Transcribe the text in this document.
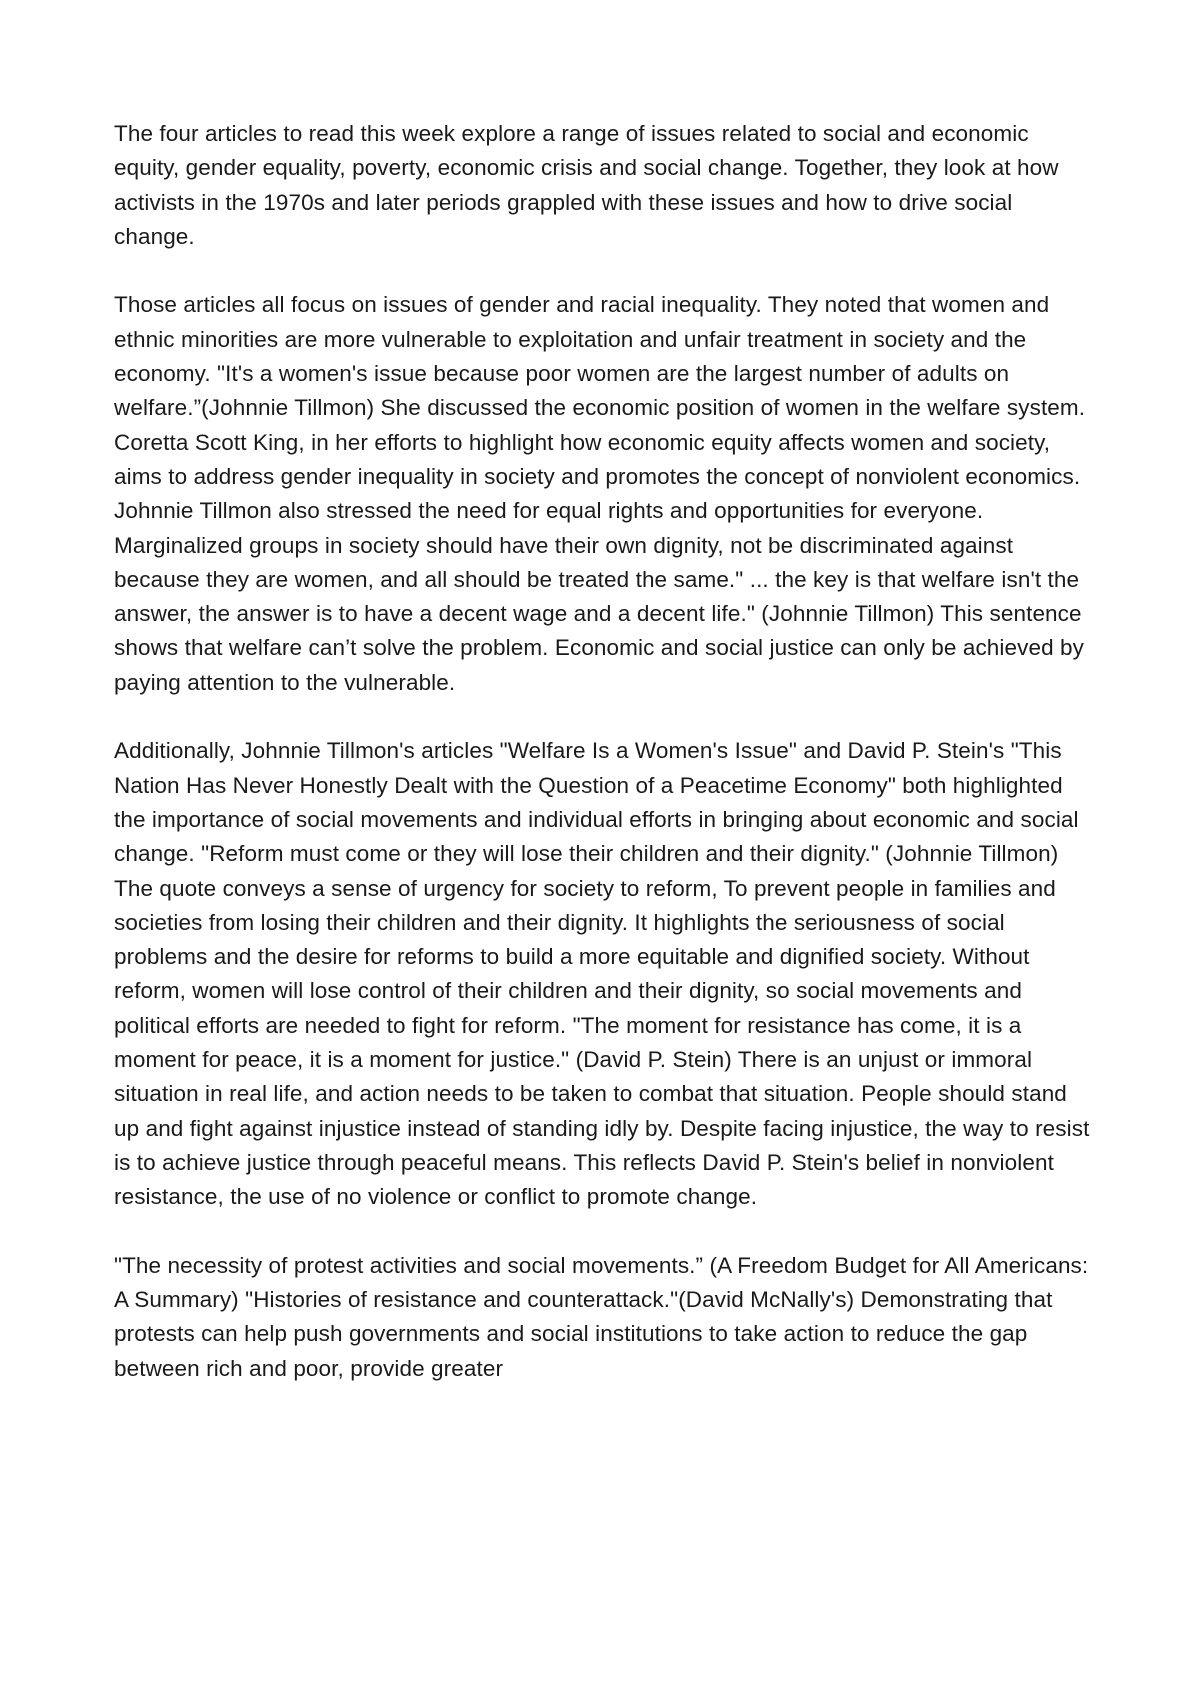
The four articles to read this week explore a range of issues related to social and economic equity, gender equality, poverty, economic crisis and social change. Together, they look at how activists in the 1970s and later periods grappled with these issues and how to drive social change.

Those articles all focus on issues of gender and racial inequality. They noted that women and ethnic minorities are more vulnerable to exploitation and unfair treatment in society and the economy. "It's a women's issue because poor women are the largest number of adults on welfare.”(Johnnie Tillmon) She discussed the economic position of women in the welfare system. Coretta Scott King, in her efforts to highlight how economic equity affects women and society, aims to address gender inequality in society and promotes the concept of nonviolent economics. Johnnie Tillmon also stressed the need for equal rights and opportunities for everyone. Marginalized groups in society should have their own dignity, not be discriminated against because they are women, and all should be treated the same." ... the key is that welfare isn't the answer, the answer is to have a decent wage and a decent life." (Johnnie Tillmon) This sentence shows that welfare can’t solve the problem. Economic and social justice can only be achieved by paying attention to the vulnerable.

Additionally, Johnnie Tillmon's articles "Welfare Is a Women's Issue" and David P. Stein's "This Nation Has Never Honestly Dealt with the Question of a Peacetime Economy" both highlighted the importance of social movements and individual efforts in bringing about economic and social change. "Reform must come or they will lose their children and their dignity." (Johnnie Tillmon) The quote conveys a sense of urgency for society to reform, To prevent people in families and societies from losing their children and their dignity. It highlights the seriousness of social problems and the desire for reforms to build a more equitable and dignified society. Without reform, women will lose control of their children and their dignity, so social movements and political efforts are needed to fight for reform. "The moment for resistance has come, it is a moment for peace, it is a moment for justice." (David P. Stein) There is an unjust or immoral situation in real life, and action needs to be taken to combat that situation. People should stand up and fight against injustice instead of standing idly by. Despite facing injustice, the way to resist is to achieve justice through peaceful means. This reflects David P. Stein's belief in nonviolent resistance, the use of no violence or conflict to promote change.

"The necessity of protest activities and social movements.” (A Freedom Budget for All Americans: A Summary) "Histories of resistance and counterattack."(David McNally's) Demonstrating that protests can help push governments and social institutions to take action to reduce the gap between rich and poor, provide greater
